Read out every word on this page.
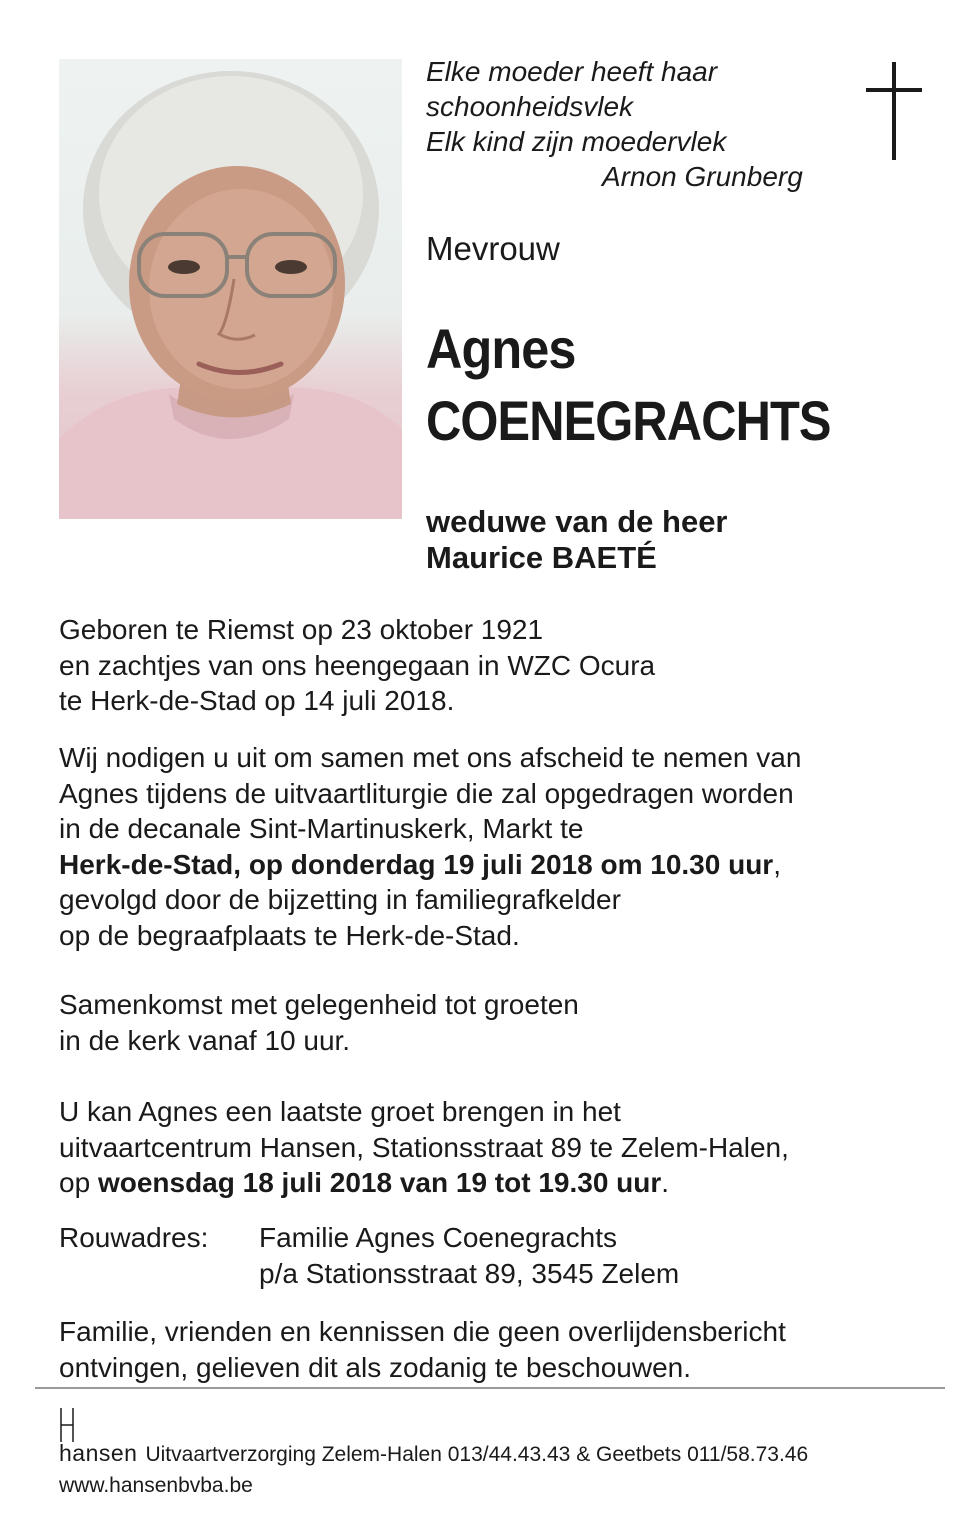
Elke moeder heeft haar
schoonheidsvlek
Elk kind zijn moedervlek
Arnon Grunberg
Mevrouw
Agnes
COENEGRACHTS
weduwe van de heer
Maurice BAETÉ
Geboren te Riemst op 23 oktober 1921
en zachtjes van ons heengegaan in WZC Ocura
te Herk-de-Stad op 14 juli 2018.
Wij nodigen u uit om samen met ons afscheid te nemen van
Agnes tijdens de uitvaartliturgie die zal opgedragen worden
in de decanale Sint-Martinuskerk, Markt te
Herk-de-Stad, op donderdag 19 juli 2018 om 10.30 uur,
gevolgd door de bijzetting in familiegrafkelder
op de begraafplaats te Herk-de-Stad.
Samenkomst met gelegenheid tot groeten
in de kerk vanaf 10 uur.
U kan Agnes een laatste groet brengen in het
uitvaartcentrum Hansen, Stationsstraat 89 te Zelem-Halen,
op woensdag 18 juli 2018 van 19 tot 19.30 uur.
Rouwadres: Familie Agnes Coenegrachts
p/a Stationsstraat 89, 3545 Zelem
Familie, vrienden en kennissen die geen overlijdensbericht
ontvingen, gelieven dit als zodanig te beschouwen.
hansen Uitvaartverzorging Zelem-Halen 013/44.43.43 & Geetbets 011/58.73.46
www.hansenbvba.be
